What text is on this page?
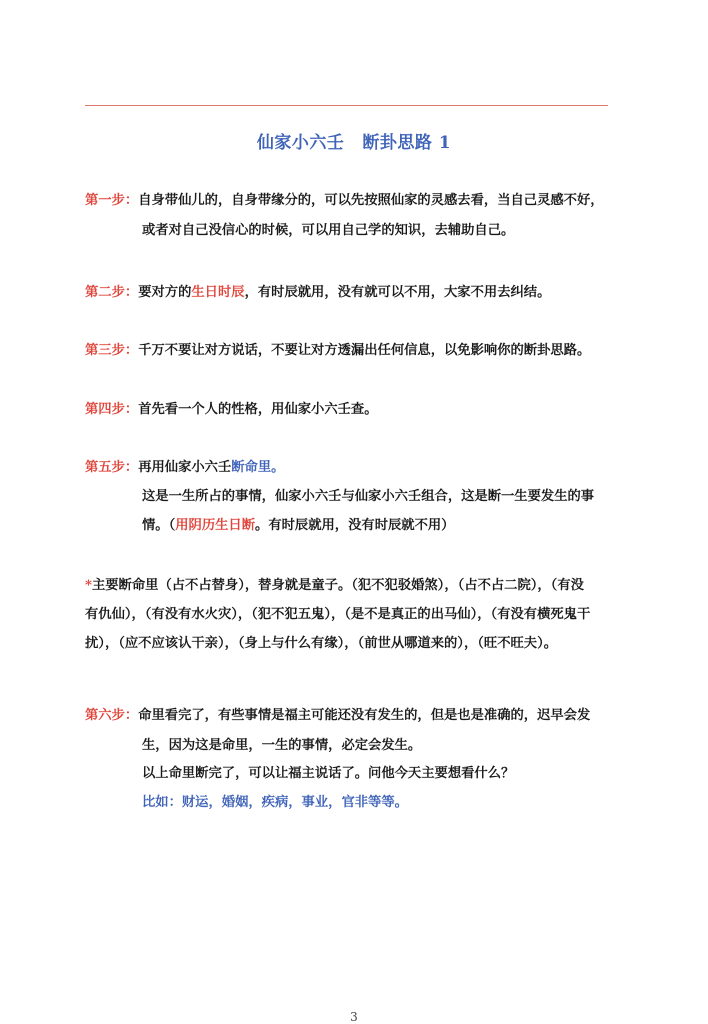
仙家小六壬 断卦思路 1
第一步：自身带仙儿的，自身带缘分的，可以先按照仙家的灵感去看，当自己灵感不好，
或者对自己没信心的时候，可以用自己学的知识，去辅助自己。
第二步：要对方的生日时辰，有时辰就用，没有就可以不用，大家不用去纠结。
第三步：千万不要让对方说话，不要让对方透漏出任何信息，以免影响你的断卦思路。
第四步：首先看一个人的性格，用仙家小六壬查。
第五步：再用仙家小六壬断命里。
这是一生所占的事情，仙家小六壬与仙家小六壬组合，这是断一生要发生的事
情。（用阴历生日断。有时辰就用，没有时辰就不用）
*主要断命里（占不占替身），替身就是童子。（犯不犯驳婚煞），（占不占二院），（有没
有仇仙），（有没有水火灾），（犯不犯五鬼），（是不是真正的出马仙），（有没有横死鬼干
扰），（应不应该认干亲），（身上与什么有缘），（前世从哪道来的），（旺不旺夫）。
第六步：命里看完了，有些事情是福主可能还没有发生的，但是也是准确的，迟早会发
生，因为这是命里，一生的事情，必定会发生。
以上命里断完了，可以让福主说话了。问他今天主要想看什么？
比如：财运，婚姻，疾病，事业，官非等等。
3
